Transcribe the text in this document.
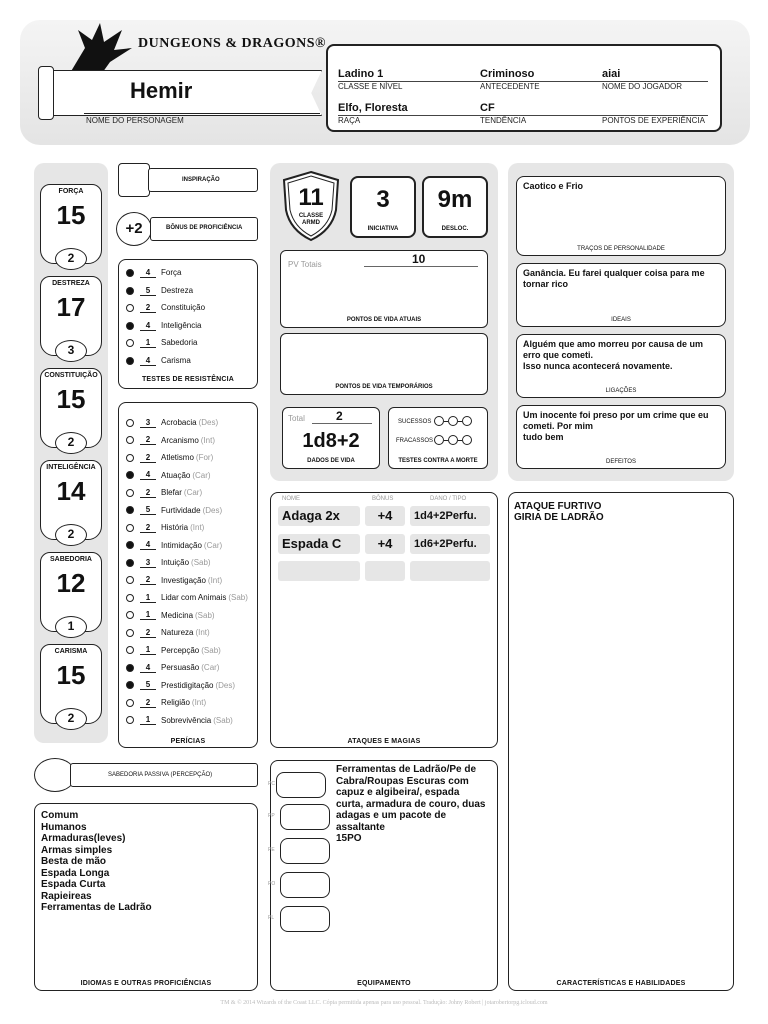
DUNGEONS & DRAGONS®
Hemir
NOME DO PERSONAGEM
Ladino 1
CLASSE E NÍVEL
Criminoso
ANTECEDENTE
aiai
NOME DO JOGADOR
Elfo, Floresta
RAÇA
CF
TENDÊNCIA	PONTOS DE EXPERIÊNCIA
FORÇA
15
2
DESTREZA
17
3
CONSTITUIÇÃO
15
2
INTELIGÊNCIA
14
2
SABEDORIA
12
1
CARISMA
15
2
INSPIRAÇÃO
+2	BÔNUS DE PROFICIÊNCIA
4	Força
5	Destreza
2	Constituição
4	Inteligência
1	Sabedoria
4	Carisma
TESTES DE RESISTÊNCIA
3	Acrobacia (Des)
2	Arcanismo (Int)
2	Atletismo (For)
4	Atuação (Car)
2	Blefar (Car)
5	Furtividade (Des)
2	História (Int)
4	Intimidação (Car)
3	Intuição (Sab)
2	Investigação (Int)
1	Lidar com Animais (Sab)
1	Medicina (Sab)
2	Natureza (Int)
1	Percepção (Sab)
4	Persuasão (Car)
5	Prestidigitação (Des)
2	Religião (Int)
1	Sobrevivência (Sab)
PERÍCIAS
SABEDORIA PASSIVA (PERCEPÇÃO)
Comum
Humanos
Armaduras(leves)
Armas simples
Besta de mão
Espada Longa
Espada Curta
Rapieireas
Ferramentas de Ladrão
IDIOMAS E OUTRAS PROFICIÊNCIAS
11
CLASSE ARMD
3
INICIATIVA
9m
DESLOC.
PV Totais	10
PONTOS DE VIDA ATUAIS
PONTOS DE VIDA TEMPORÁRIOS
Total	2
1d8+2
DADOS DE VIDA
SUCESSOS
FRACASSOS
TESTES CONTRA A MORTE
NOME	BÔNUS	DANO / TIPO
Adaga 2x	+4	1d4+2Perfu.
Espada C	+4	1d6+2Perfu.
ATAQUES E MAGIAS
PC
PP
PE
PO
PL
Ferramentas de Ladrão/Pe de Cabra/Roupas Escuras com capuz e algibeira/, espada curta, armadura de couro, duas adagas e um pacote de assaltante
15PO
EQUIPAMENTO
Caotico e Frio
TRAÇOS DE PERSONALIDADE
Ganância. Eu farei qualquer coisa para me tornar rico
IDEAIS
Alguém que amo morreu por causa de um erro que cometi.
Isso nunca acontecerá novamente.
LIGAÇÕES
Um inocente foi preso por um crime que eu cometi. Por mim
tudo bem
DEFEITOS
ATAQUE FURTIVO
GIRIA DE LADRÃO
CARACTERÍSTICAS E HABILIDADES
TM & © 2014 Wizards of the Coast LLC. Cópia permitida apenas para uso pessoal. Tradução: Johny Robert | jotarobertorpg.icloud.com
